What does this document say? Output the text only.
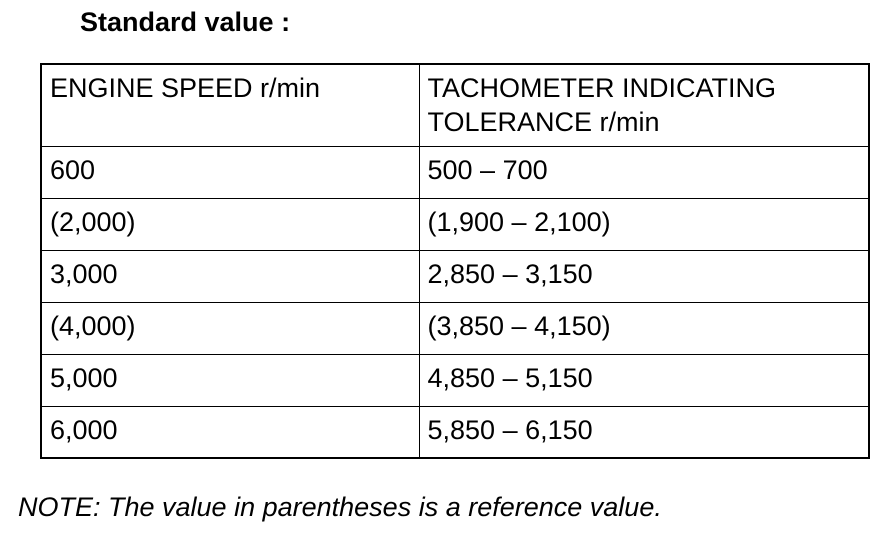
Standard value :
ENGINE SPEED r/min	TACHOMETER INDICATING TOLERANCE r/min
600	500 – 700
(2,000)	(1,900 – 2,100)
3,000	2,850 – 3,150
(4,000)	(3,850 – 4,150)
5,000	4,850 – 5,150
6,000	5,850 – 6,150
NOTE: The value in parentheses is a reference value.
